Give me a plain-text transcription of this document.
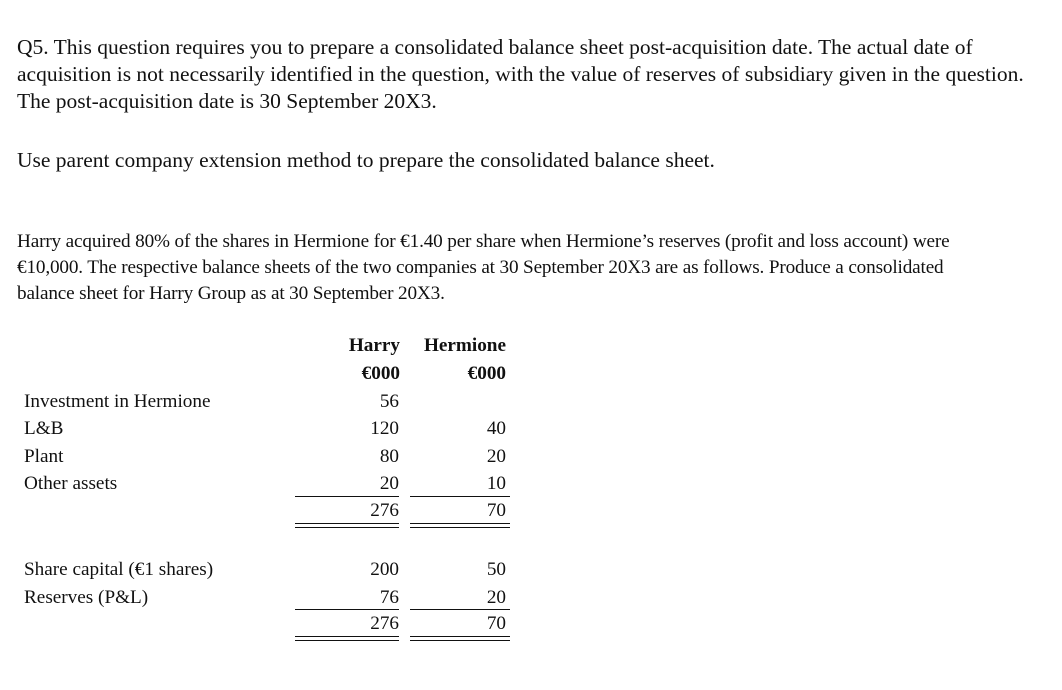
Q5. This question requires you to prepare a consolidated balance sheet post-acquisition date. The actual date of acquisition is not necessarily identified in the question, with the value of reserves of subsidiary given in the question. The post-acquisition date is 30 September 20X3.
Use parent company extension method to prepare the consolidated balance sheet.
Harry acquired 80% of the shares in Hermione for €1.40 per share when Hermione’s reserves (profit and loss account) were €10,000. The respective balance sheets of the two companies at 30 September 20X3 are as follows. Produce a consolidated balance sheet for Harry Group as at 30 September 20X3.
Harry	Hermione
€000	€000
Investment in Hermione	56
L&B	120	40
Plant	80	20
Other assets	20	10
276	70
Share capital (€1 shares)	200	50
Reserves (P&L)	76	20
276	70
